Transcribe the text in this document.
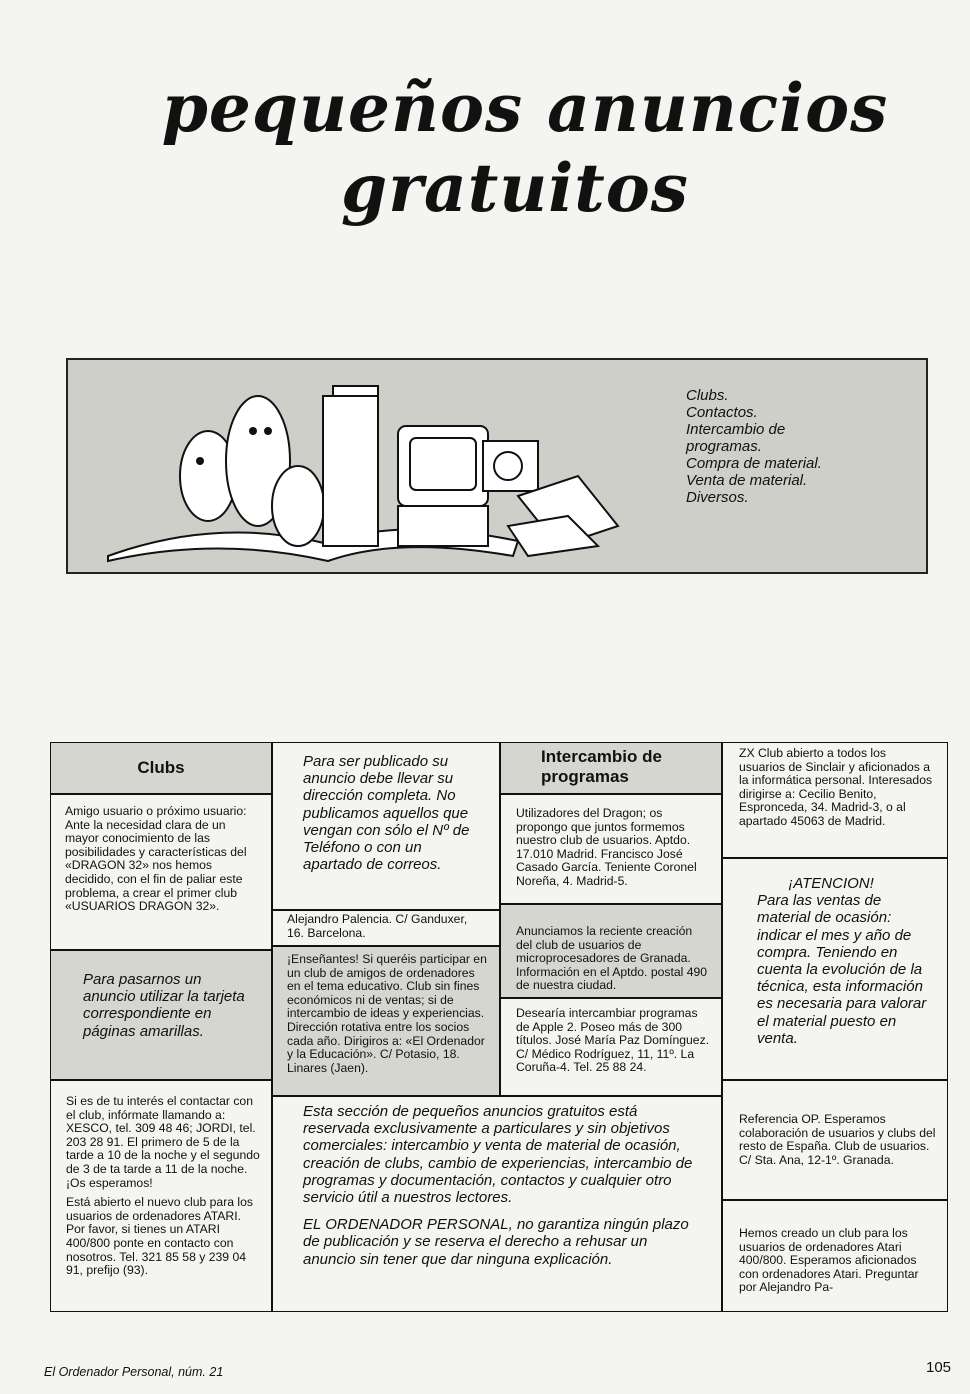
pequeños anuncios
gratuitos
Clubs.
Contactos.
Intercambio de
programas.
Compra de material.
Venta de material.
Diversos.
Clubs
Amigo usuario o próximo usuario: Ante la necesidad clara de un mayor conocimiento de las posibilidades y características del «DRAGON 32» nos hemos decidido, con el fin de paliar este problema, a crear el primer club «USUARIOS DRAGON 32».
Para pasarnos un anuncio utilizar la tarjeta correspondiente en páginas amarillas.

Si es de tu interés el contactar con el club, infórmate llamando a: XESCO, tel. 309 48 46; JORDI, tel. 203 28 91. El primero de 5 de la tarde a 10 de la noche y el segundo de 3 de ta tarde a 11 de la noche. ¡Os esperamos!

Está abierto el nuevo club para los usuarios de ordenadores ATARI. Por favor, si tienes un ATARI 400/800 ponte en contacto con nosotros. Tel. 321 85 58 y 239 04 91, prefijo (93).

Para ser publicado su anuncio debe llevar su dirección completa. No publicamos aquellos que vengan con sólo el Nº de Teléfono o con un apartado de correos.
Alejandro Palencia. C/ Ganduxer, 16. Barcelona.
¡Enseñantes! Si queréis participar en un club de amigos de ordenadores en el tema educativo. Club sin fines económicos ni de ventas; si de intercambio de ideas y experiencias. Dirección rotativa entre los socios cada año. Dirigiros a: «El Ordenador y la Educación». C/ Potasio, 18. Linares (Jaen).
Intercambio de programas
Utilizadores del Dragon; os propongo que juntos formemos nuestro club de usuarios. Aptdo. 17.010 Madrid. Francisco José Casado García. Teniente Coronel Noreña, 4. Madrid-5.
Anunciamos la reciente creación del club de usuarios de microprocesadores de Granada. Información en el Aptdo. postal 490 de nuestra ciudad.
Desearía intercambiar programas de Apple 2. Poseo más de 300 títulos. José María Paz Domínguez. C/ Médico Rodríguez, 11, 11º. La Coruña-4. Tel. 25 88 24.
ZX Club abierto a todos los usuarios de Sinclair y aficionados a la informática personal. Interesados dirigirse a: Cecilio Benito, Espronceda, 34. Madrid-3, o al apartado 45063 de Madrid.
¡ATENCION!
Para las ventas de material de ocasión: indicar el mes y año de compra. Teniendo en cuenta la evolución de la técnica, esta información es necesaria para valorar el material puesto en venta.
Referencia OP. Esperamos colaboración de usuarios y clubs del resto de España. Club de usuarios. C/ Sta. Ana, 12-1º. Granada.
Hemos creado un club para los usuarios de ordenadores Atari 400/800. Esperamos aficionados con ordenadores Atari. Preguntar por Alejandro Pa-

Esta sección de pequeños anuncios gratuitos está reservada exclusivamente a particulares y sin objetivos comerciales: intercambio y venta de material de ocasión, creación de clubs, cambio de experiencias, intercambio de programas y documentación, contactos y cualquier otro servicio útil a nuestros lectores.

EL ORDENADOR PERSONAL, no garantiza ningún plazo de publicación y se reserva el derecho a rehusar un anuncio sin tener que dar ninguna explicación.

El Ordenador Personal, núm. 21	105
